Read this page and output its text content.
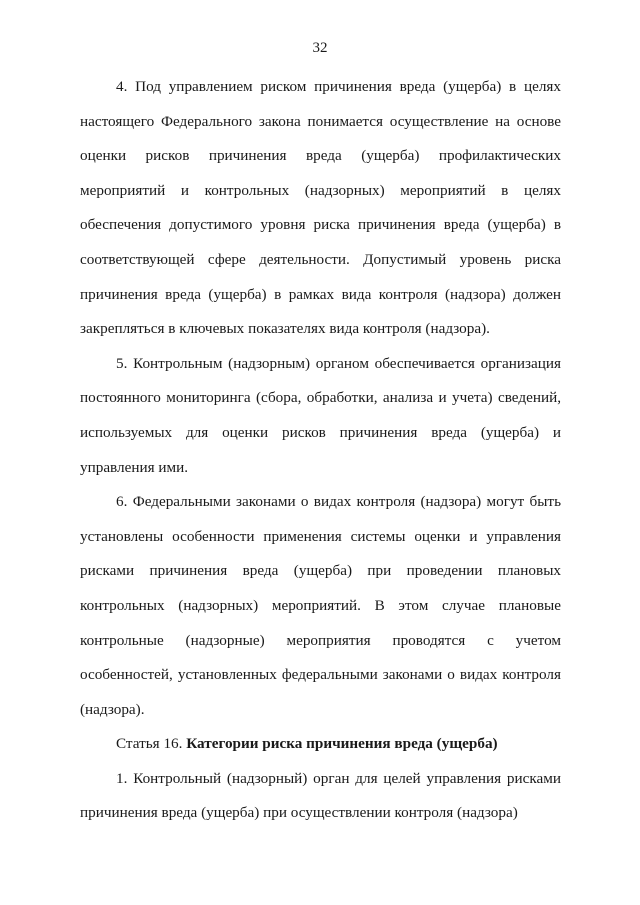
32

4. Под управлением риском причинения вреда (ущерба) в целях настоящего Федерального закона понимается осуществление на основе оценки рисков причинения вреда (ущерба) профилактических мероприятий и контрольных (надзорных) мероприятий в целях обеспечения допустимого уровня риска причинения вреда (ущерба) в соответствующей сфере деятельности. Допустимый уровень риска причинения вреда (ущерба) в рамках вида контроля (надзора) должен закрепляться в ключевых показателях вида контроля (надзора).

5. Контрольным (надзорным) органом обеспечивается организация постоянного мониторинга (сбора, обработки, анализа и учета) сведений, используемых для оценки рисков причинения вреда (ущерба) и управления ими.

6. Федеральными законами о видах контроля (надзора) могут быть установлены особенности применения системы оценки и управления рисками причинения вреда (ущерба) при проведении плановых контрольных (надзорных) мероприятий. В этом случае плановые контрольные (надзорные) мероприятия проводятся с учетом особенностей, установленных федеральными законами о видах контроля (надзора).

Статья 16. Категории риска причинения вреда (ущерба)

1. Контрольный (надзорный) орган для целей управления рисками причинения вреда (ущерба) при осуществлении контроля (надзора)
